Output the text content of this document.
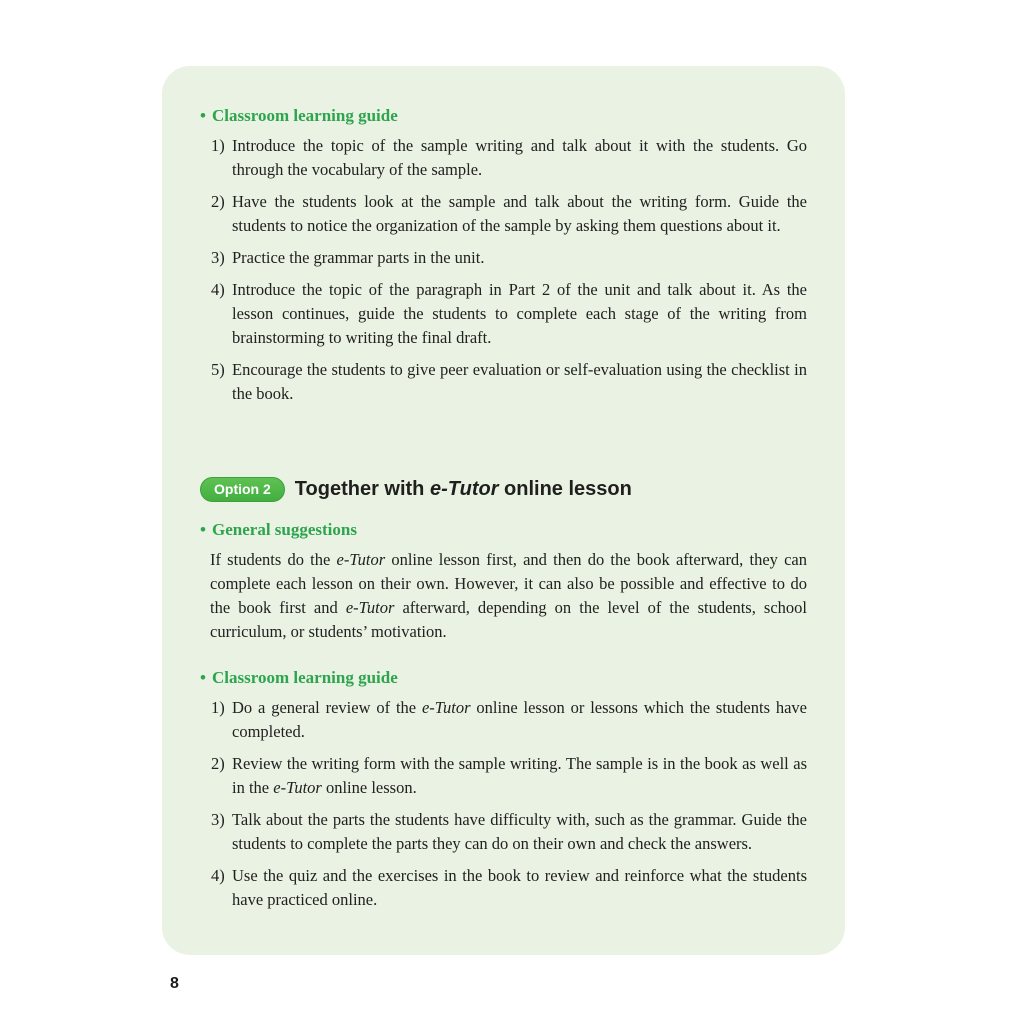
• Classroom learning guide
1) Introduce the topic of the sample writing and talk about it with the students. Go through the vocabulary of the sample.
2) Have the students look at the sample and talk about the writing form. Guide the students to notice the organization of the sample by asking them questions about it.
3) Practice the grammar parts in the unit.
4) Introduce the topic of the paragraph in Part 2 of the unit and talk about it. As the lesson continues, guide the students to complete each stage of the writing from brainstorming to writing the final draft.
5) Encourage the students to give peer evaluation or self-evaluation using the checklist in the book.
Option 2	Together with e-Tutor online lesson
• General suggestions

If students do the e-Tutor online lesson first, and then do the book afterward, they can complete each lesson on their own. However, it can also be possible and effective to do the book first and e-Tutor afterward, depending on the level of the students, school curriculum, or students’ motivation.

• Classroom learning guide
1) Do a general review of the e-Tutor online lesson or lessons which the students have completed.
2) Review the writing form with the sample writing. The sample is in the book as well as in the e-Tutor online lesson.
3) Talk about the parts the students have difficulty with, such as the grammar. Guide the students to complete the parts they can do on their own and check the answers.
4) Use the quiz and the exercises in the book to review and reinforce what the students have practiced online.
8
